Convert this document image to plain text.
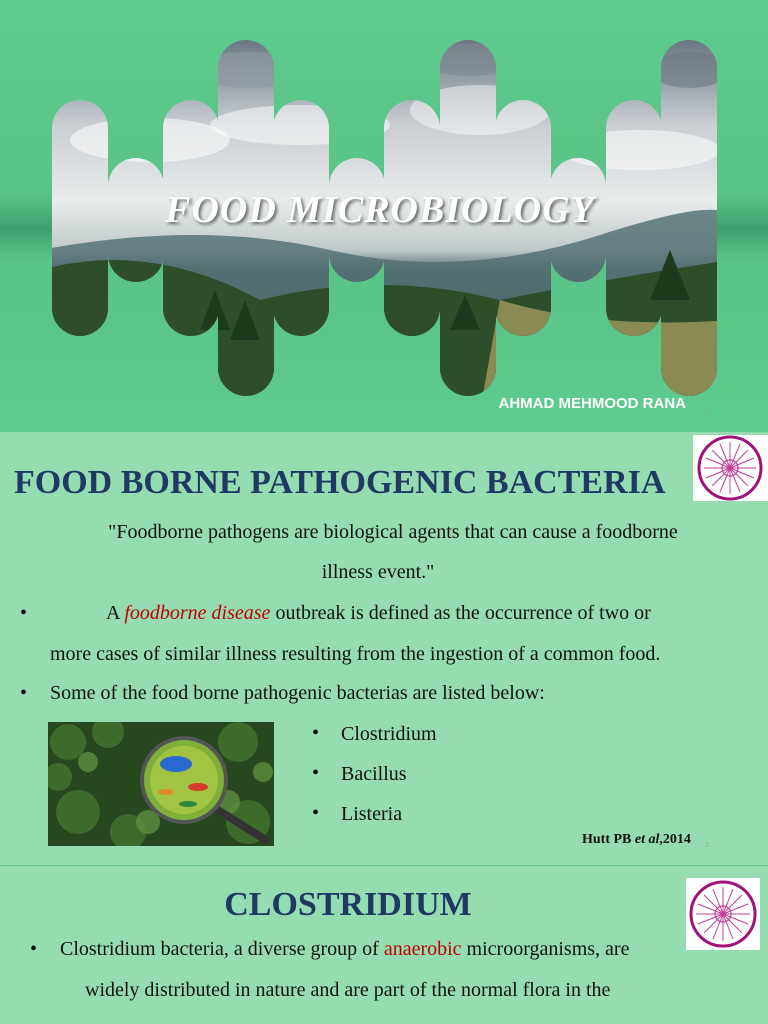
FOOD MICROBIOLOGY
AHMAD MEHMOOD RANA
1
FOOD BORNE PATHOGENIC BACTERIA
"Foodborne pathogens are biological agents that can cause a foodborne
illness event."
•	A foodborne disease outbreak is defined as the occurrence of two or
more cases of similar illness resulting from the ingestion of a common food.
• Some of the food borne pathogenic bacterias are listed below:
• Clostridium
• Bacillus
• Listeria
Hutt PB et al,2014 2
CLOSTRIDIUM
• Clostridium bacteria, a diverse group of anaerobic microorganisms, are
widely distributed in nature and are part of the normal flora in the
